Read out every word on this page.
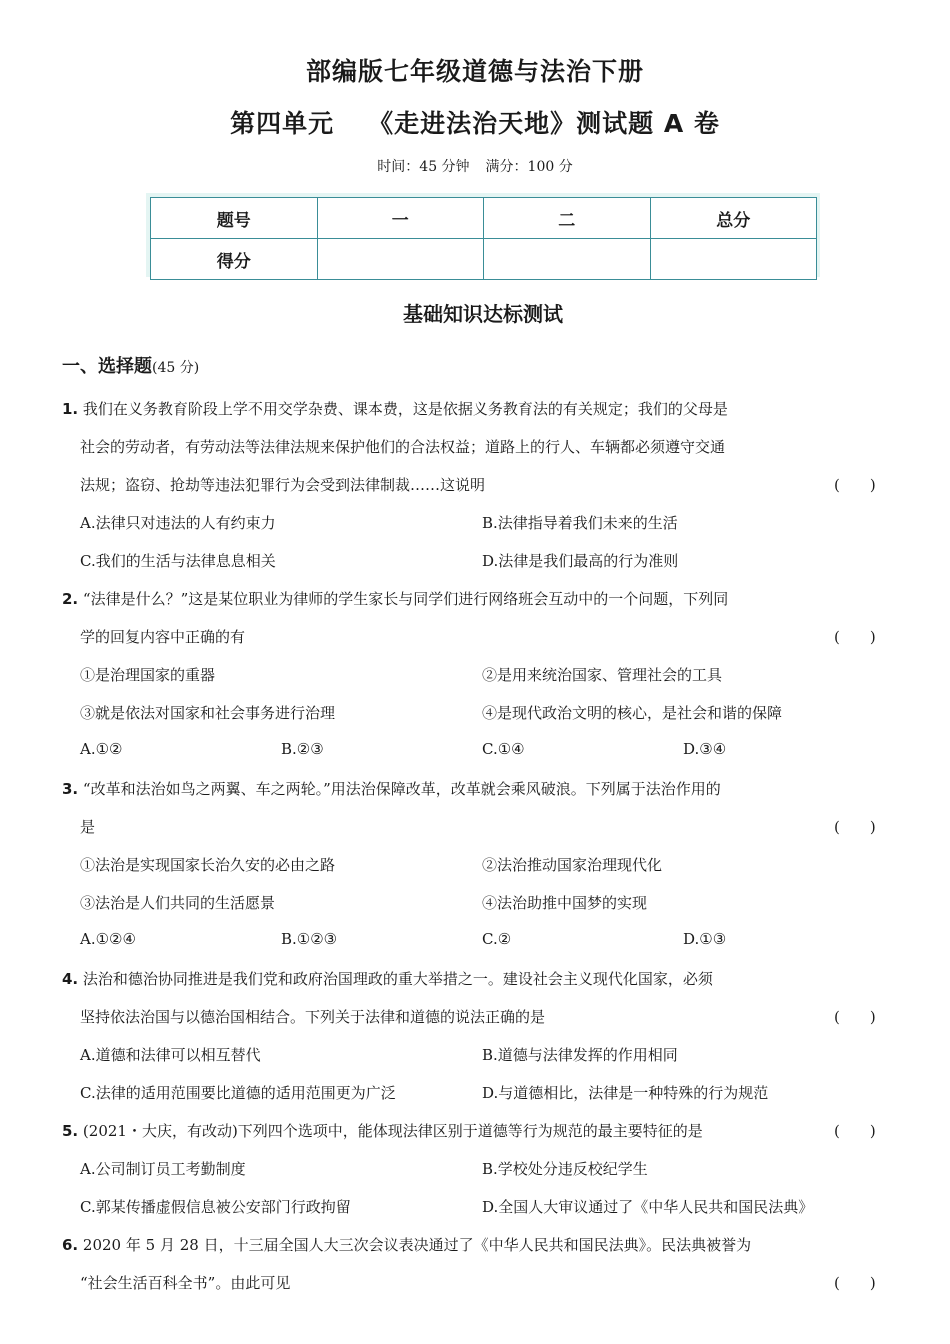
部编版七年级道德与法治下册
第四单元 《走进法治天地》测试题 A 卷
时间：45 分钟 满分：100 分
题号	一	二	总分
得分			
基础知识达标测试
一、选择题(45 分)
1. 我们在义务教育阶段上学不用交学杂费、课本费，这是依据义务教育法的有关规定；我们的父母是
社会的劳动者，有劳动法等法律法规来保护他们的合法权益；道路上的行人、车辆都必须遵守交通
法规；盗窃、抢劫等违法犯罪行为会受到法律制裁……这说明	(　　)
A.法律只对违法的人有约束力	B.法律指导着我们未来的生活
C.我们的生活与法律息息相关	D.法律是我们最高的行为准则
2. “法律是什么？”这是某位职业为律师的学生家长与同学们进行网络班会互动中的一个问题，下列同
学的回复内容中正确的有	(　　)
①是治理国家的重器	②是用来统治国家、管理社会的工具
③就是依法对国家和社会事务进行治理	④是现代政治文明的核心，是社会和谐的保障
A.①②	B.②③	C.①④	D.③④
3. “改革和法治如鸟之两翼、车之两轮。”用法治保障改革，改革就会乘风破浪。下列属于法治作用的
是	(　　)
①法治是实现国家长治久安的必由之路	②法治推动国家治理现代化
③法治是人们共同的生活愿景	④法治助推中国梦的实现
A.①②④	B.①②③	C.②	D.①③
4. 法治和德治协同推进是我们党和政府治国理政的重大举措之一。建设社会主义现代化国家，必须
坚持依法治国与以德治国相结合。下列关于法律和道德的说法正确的是	(　　)
A.道德和法律可以相互替代	B.道德与法律发挥的作用相同
C.法律的适用范围要比道德的适用范围更为广泛	D.与道德相比，法律是一种特殊的行为规范
5. (2021・大庆，有改动)下列四个选项中，能体现法律区别于道德等行为规范的最主要特征的是	(　　)
A.公司制订员工考勤制度	B.学校处分违反校纪学生
C.郭某传播虚假信息被公安部门行政拘留	D.全国人大审议通过了《中华人民共和国民法典》
6. 2020 年 5 月 28 日，十三届全国人大三次会议表决通过了《中华人民共和国民法典》。民法典被誉为
“社会生活百科全书”。由此可见	(　　)
